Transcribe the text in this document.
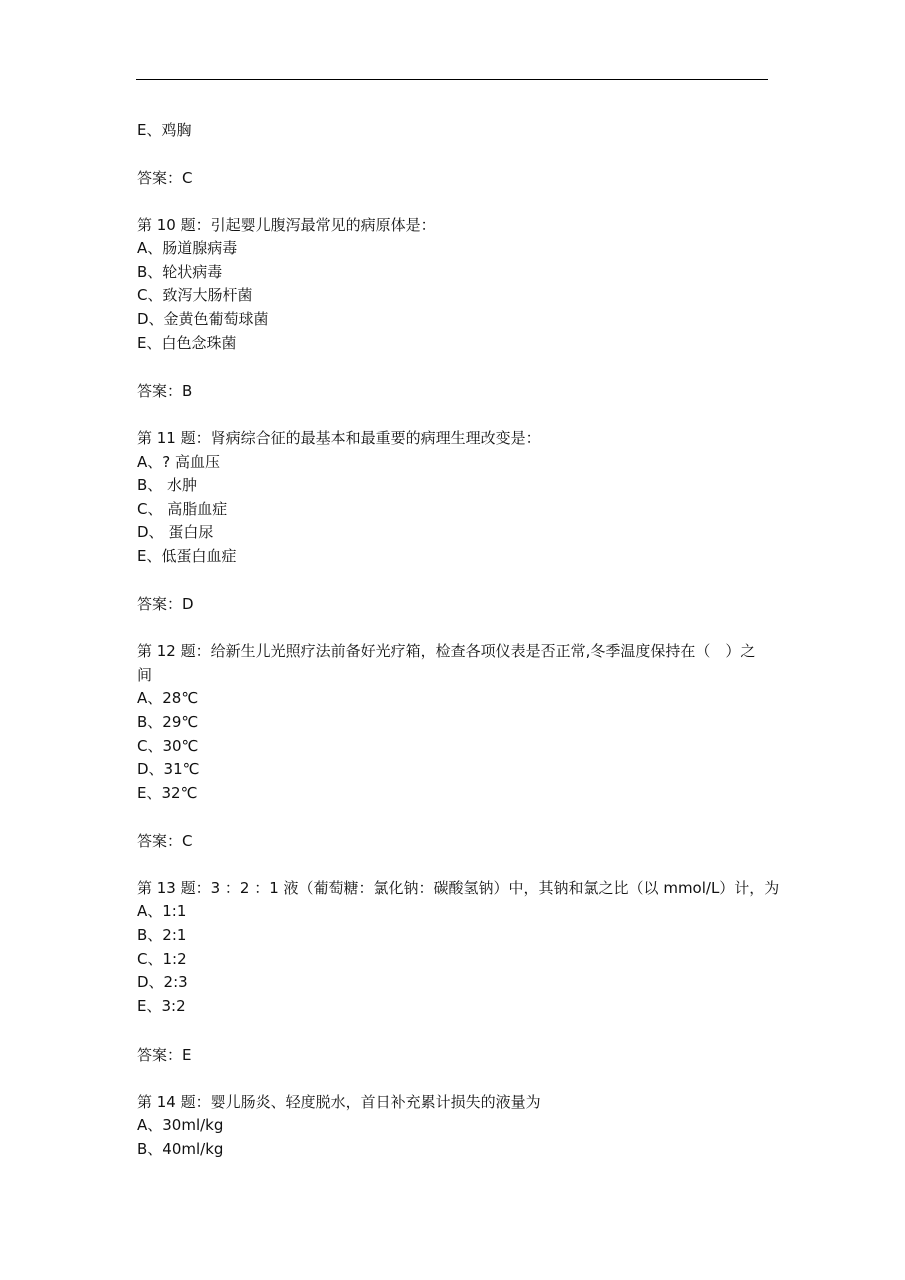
E、鸡胸

答案：C

第 10 题：引起婴儿腹泻最常见的病原体是：

A、肠道腺病毒

B、轮状病毒

C、致泻大肠杆菌

D、金黄色葡萄球菌

E、白色念珠菌

答案：B

第 11 题：肾病综合征的最基本和最重要的病理生理改变是：

A、? 高血压

B、 水肿

C、 高脂血症

D、 蛋白尿

E、低蛋白血症

答案：D

第 12 题：给新生儿光照疗法前备好光疗箱，检查各项仪表是否正常,冬季温度保持在（　）之

间

A、28℃

B、29℃

C、30℃

D、31℃

E、32℃

答案：C

第 13 题：3 ：2 ：1 液（葡萄糖：氯化钠：碳酸氢钠）中，其钠和氯之比（以 mmol/L）计，为

A、1:1

B、2:1

C、1:2

D、2:3

E、3:2

答案：E

第 14 题：婴儿肠炎、轻度脱水，首日补充累计损失的液量为

A、30ml/kg

B、40ml/kg
